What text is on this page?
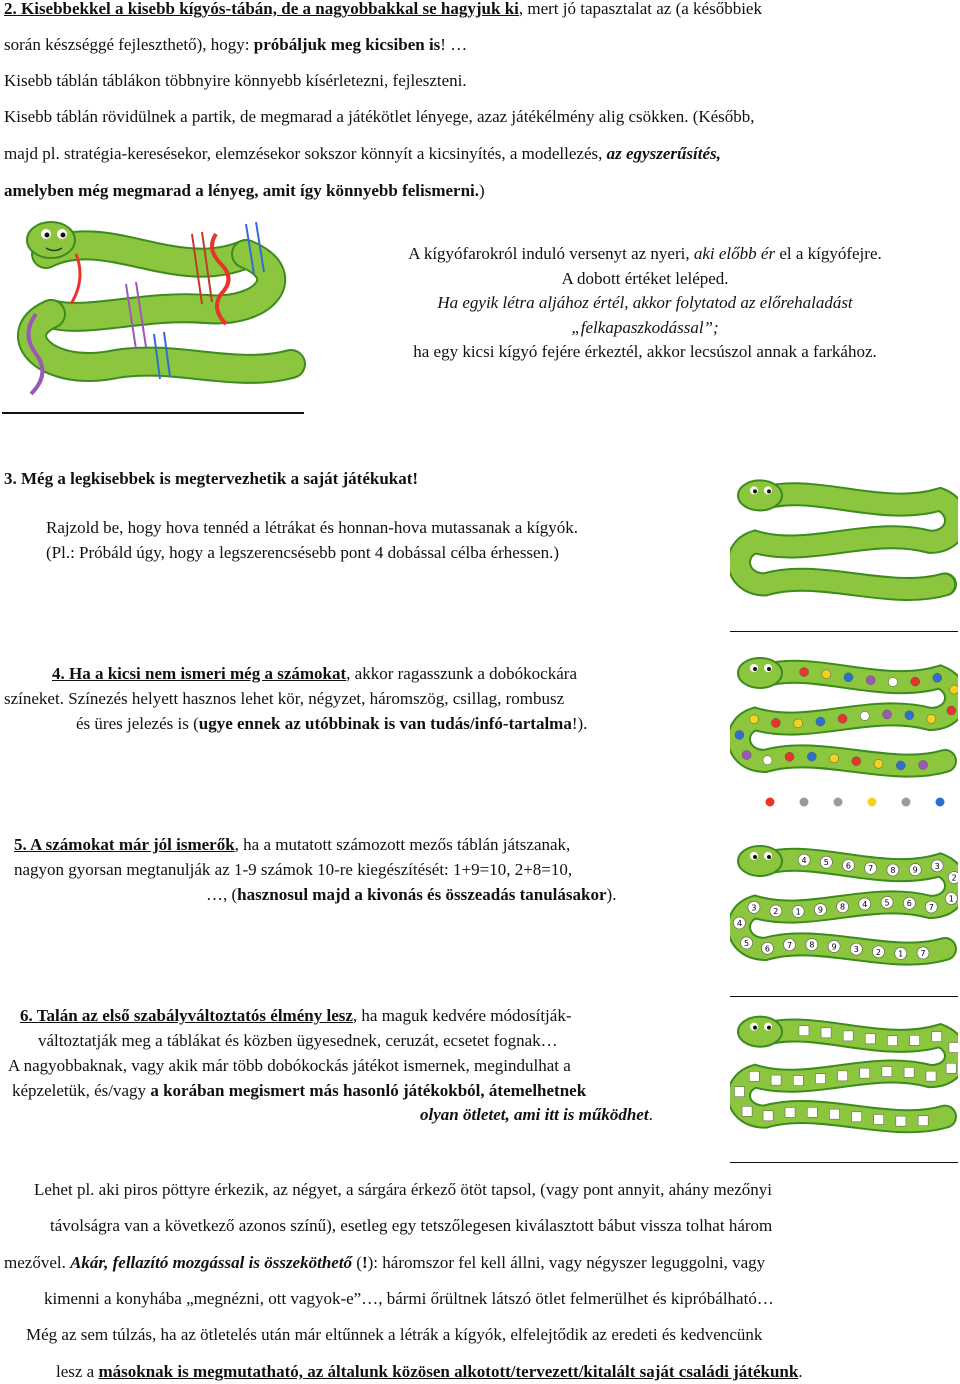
2. Kisebbekkel a kisebb kígyós-tábán, de a nagyobbakkal se hagyjuk ki, mert jó tapasztalat az (a későbbiek
során készséggé fejleszthető), hogy: próbáljuk meg kicsiben is! …
Kisebb táblán táblákon többnyire könnyebb kísérletezni, fejleszteni.
Kisebb táblán rövidülnek a partik, de megmarad a játékötlet lényege, azaz játékélmény alig csökken. (Később,
majd pl. stratégia-keresésekor, elemzésekor sokszor könnyít a kicsinyítés, a modellezés, az egyszerűsítés,
amelyben még megmarad a lényeg, amit így könnyebb felismerni.)
A kígyófarokról induló versenyt az nyeri, aki előbb ér el a kígyófejre.
A dobott értéket leléped.
Ha egyik létra aljához értél, akkor folytatod az előrehaladást
„felkapaszkodással”;
ha egy kicsi kígyó fejére érkeztél, akkor lecsúszol annak a farkához.
3. Még a legkisebbek is megtervezhetik a saját játékukat!
Rajzold be, hogy hova tennéd a létrákat és honnan-hova mutassanak a kígyók.
(Pl.: Próbáld úgy, hogy a legszerencsésebb pont 4 dobással célba érhessen.)
4. Ha a kicsi nem ismeri még a számokat, akkor ragasszunk a dobókockára
színeket. Színezés helyett hasznos lehet kör, négyzet, háromszög, csillag, rombusz
és üres jelezés is (ugye ennek az utóbbinak is van tudás/infó-tartalma!).
5. A számokat már jól ismerők, ha a mutatott számozott mezős táblán játszanak,
nagyon gyorsan megtanulják az 1-9 számok 10-re kiegészítését: 1+9=10, 2+8=10,
…, (hasznosul majd a kivonás és összeadás tanulásakor).
4 5 6 7 8 9 3
2
1
7
6
5
4
8
9
1
2
3
4
5
6 7 8 9 3 2 1 7
6. Talán az első szabályváltoztatós élmény lesz, ha maguk kedvére módosítják-
változtatják meg a táblákat és közben ügyesednek, ceruzát, ecsetet fognak…
A nagyobbaknak, vagy akik már több dobókockás játékot ismernek, megindulhat a
képzeletük, és/vagy a korában megismert más hasonló játékokból, átemelhetnek
olyan ötletet, ami itt is működhet.
Lehet pl. aki piros pöttyre érkezik, az négyet, a sárgára érkező ötöt tapsol, (vagy pont annyit, ahány mezőnyi
távolságra van a következő azonos színű), esetleg egy tetszőlegesen kiválasztott bábut vissza tolhat három
mezővel. Akár, fellazító mozgással is összeköthető (!): háromszor fel kell állni, vagy négyszer leguggolni, vagy
kimenni a konyhába „megnézni, ott vagyok-e”…, bármi őrültnek látszó ötlet felmerülhet és kipróbálható…
Még az sem túlzás, ha az ötletelés után már eltűnnek a létrák a kígyók, elfelejtődik az eredeti és kedvencünk
lesz a másoknak is megmutatható, az általunk közösen alkotott/tervezett/kitalált saját családi játékunk.
